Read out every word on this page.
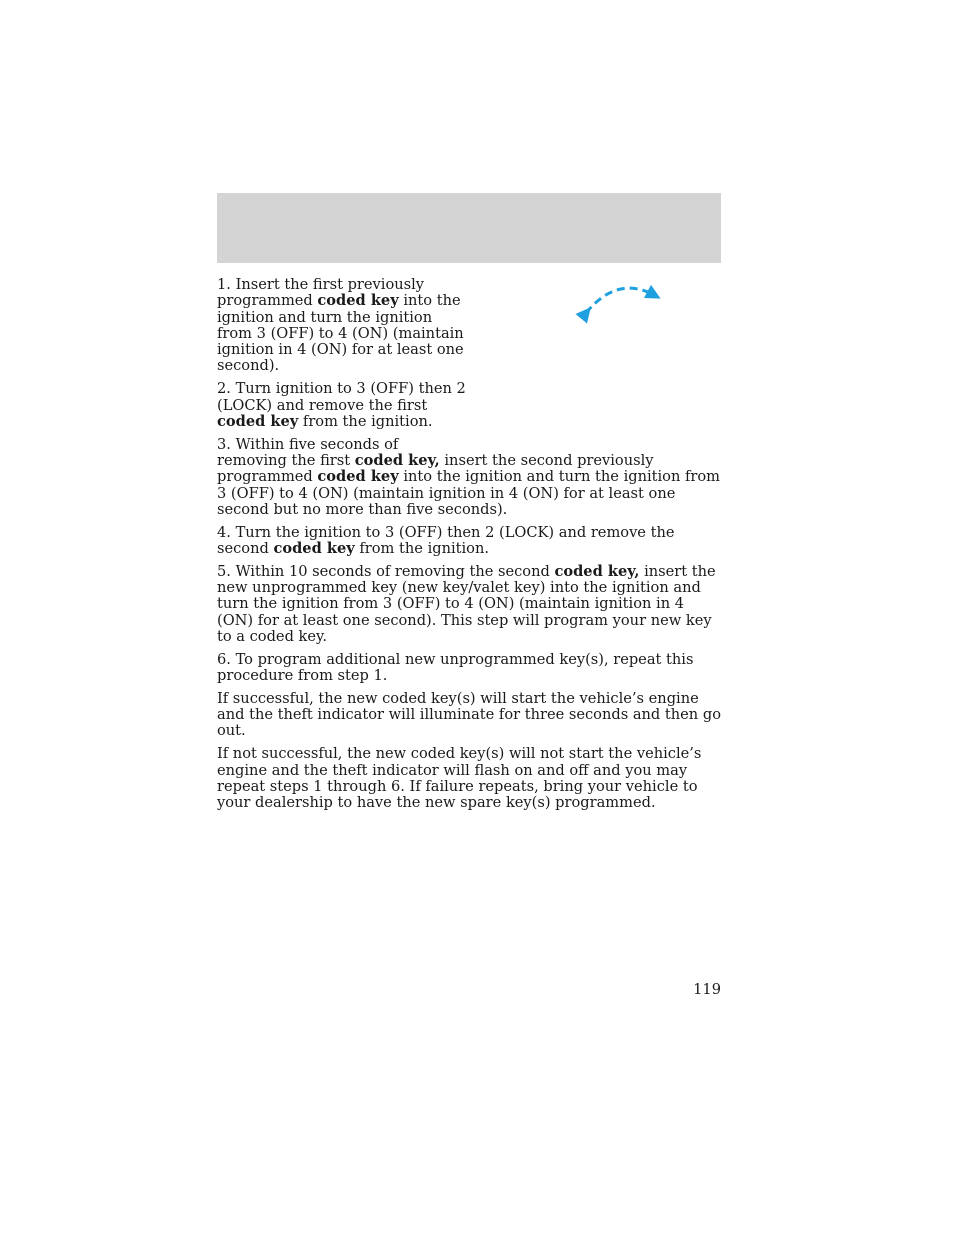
1. Insert the first previously programmed coded key into the ignition and turn the ignition from 3 (OFF) to 4 (ON) (maintain ignition in 4 (ON) for at least one second).

2. Turn ignition to 3 (OFF) then 2 (LOCK) and remove the first coded key from the ignition.

3. Within five seconds of removing the first coded key, insert the second previously programmed coded key into the ignition and turn the ignition from 3 (OFF) to 4 (ON) (maintain ignition in 4 (ON) for at least one second but no more than five seconds).

4. Turn the ignition to 3 (OFF) then 2 (LOCK) and remove the second coded key from the ignition.

5. Within 10 seconds of removing the second coded key, insert the new unprogrammed key (new key/valet key) into the ignition and turn the ignition from 3 (OFF) to 4 (ON) (maintain ignition in 4 (ON) for at least one second). This step will program your new key to a coded key.

6. To program additional new unprogrammed key(s), repeat this procedure from step 1.

If successful, the new coded key(s) will start the vehicle’s engine and the theft indicator will illuminate for three seconds and then go out.

If not successful, the new coded key(s) will not start the vehicle’s engine and the theft indicator will flash on and off and you may repeat steps 1 through 6. If failure repeats, bring your vehicle to your dealership to have the new spare key(s) programmed.

119
